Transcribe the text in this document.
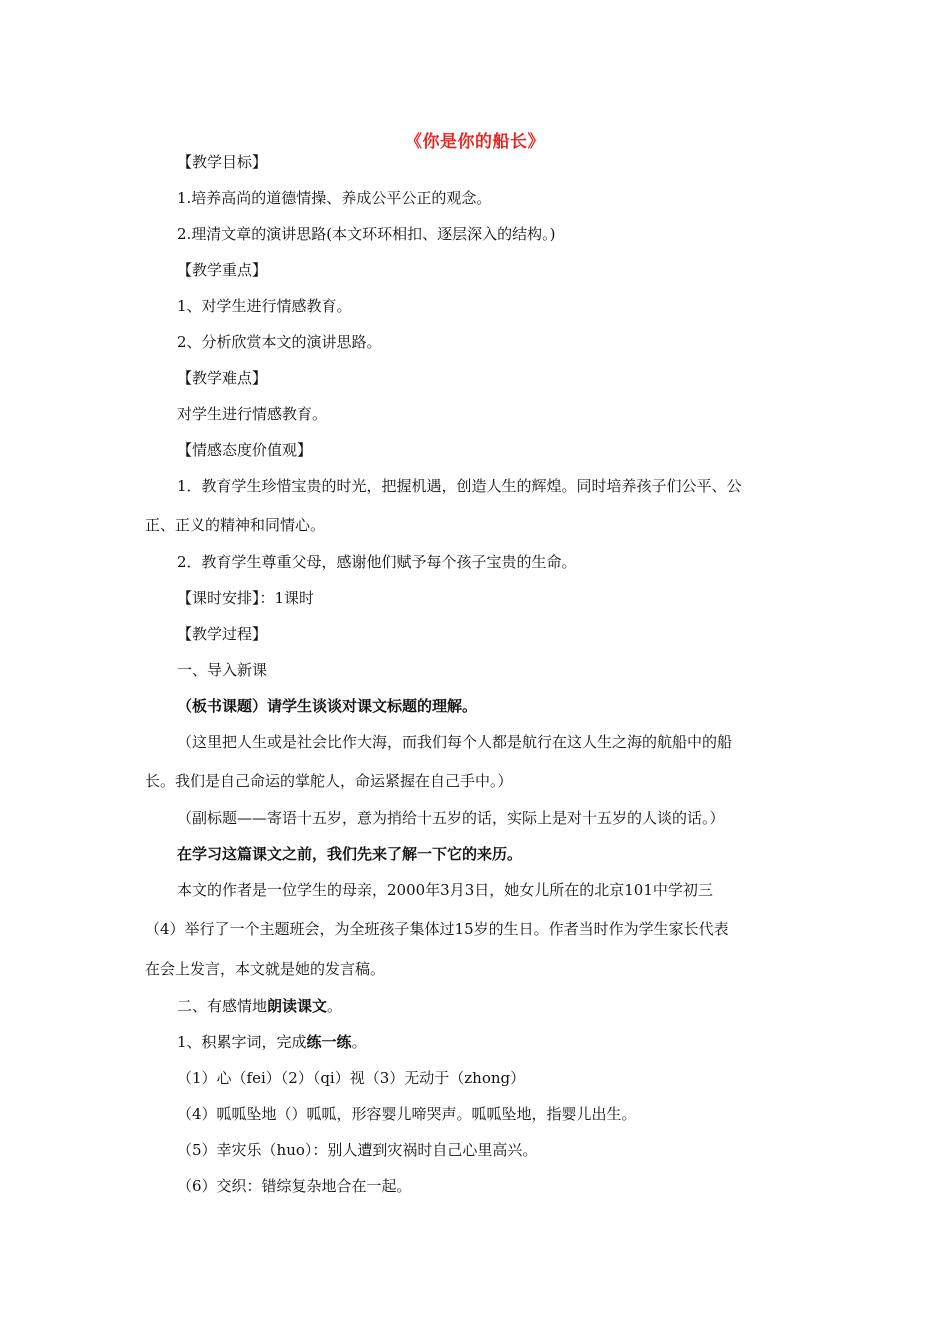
《你是你的船长》
【教学目标】
1.培养高尚的道德情操、养成公平公正的观念。
2.理清文章的演讲思路(本文环环相扣、逐层深入的结构。)
【教学重点】
1、对学生进行情感教育。
2、分析欣赏本文的演讲思路。
【教学难点】
对学生进行情感教育。
【情感态度价值观】
1．教育学生珍惜宝贵的时光，把握机遇，创造人生的辉煌。同时培养孩子们公平、公
正、正义的精神和同情心。
2．教育学生尊重父母，感谢他们赋予每个孩子宝贵的生命。
【课时安排】：1课时
【教学过程】
一、导入新课
（板书课题）请学生谈谈对课文标题的理解。
（这里把人生或是社会比作大海，而我们每个人都是航行在这人生之海的航船中的船
长。我们是自己命运的掌舵人，命运紧握在自己手中。）
（副标题——寄语十五岁，意为捎给十五岁的话，实际上是对十五岁的人谈的话。）
在学习这篇课文之前，我们先来了解一下它的来历。
本文的作者是一位学生的母亲，2000年3月3日，她女儿所在的北京101中学初三
（4）举行了一个主题班会，为全班孩子集体过15岁的生日。作者当时作为学生家长代表
在会上发言，本文就是她的发言稿。
二、有感情地朗读课文。
1、积累字词，完成练一练。
（1）心（fei）（2）（qi）视（3）无动于（zhong）
（4）呱呱坠地（）呱呱，形容婴儿啼哭声。呱呱坠地，指婴儿出生。
（5）幸灾乐（huo）：别人遭到灾祸时自己心里高兴。
（6）交织：错综复杂地合在一起。
